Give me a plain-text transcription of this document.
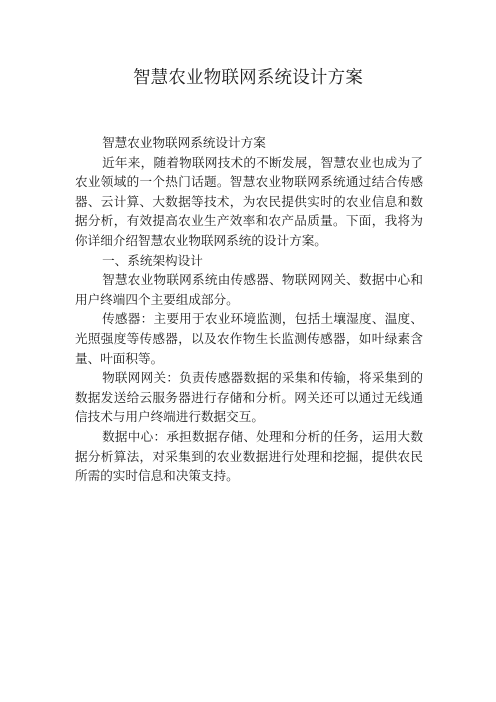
智慧农业物联网系统设计方案

智慧农业物联网系统设计方案

近年来，随着物联网技术的不断发展，智慧农业也成为了农业领域的一个热门话题。智慧农业物联网系统通过结合传感器、云计算、大数据等技术，为农民提供实时的农业信息和数据分析，有效提高农业生产效率和农产品质量。下面，我将为你详细介绍智慧农业物联网系统的设计方案。

一、系统架构设计

智慧农业物联网系统由传感器、物联网网关、数据中心和用户终端四个主要组成部分。

传感器：主要用于农业环境监测，包括土壤湿度、温度、光照强度等传感器，以及农作物生长监测传感器，如叶绿素含量、叶面积等。

物联网网关：负责传感器数据的采集和传输，将采集到的数据发送给云服务器进行存储和分析。网关还可以通过无线通信技术与用户终端进行数据交互。

数据中心：承担数据存储、处理和分析的任务，运用大数据分析算法，对采集到的农业数据进行处理和挖掘，提供农民所需的实时信息和决策支持。
